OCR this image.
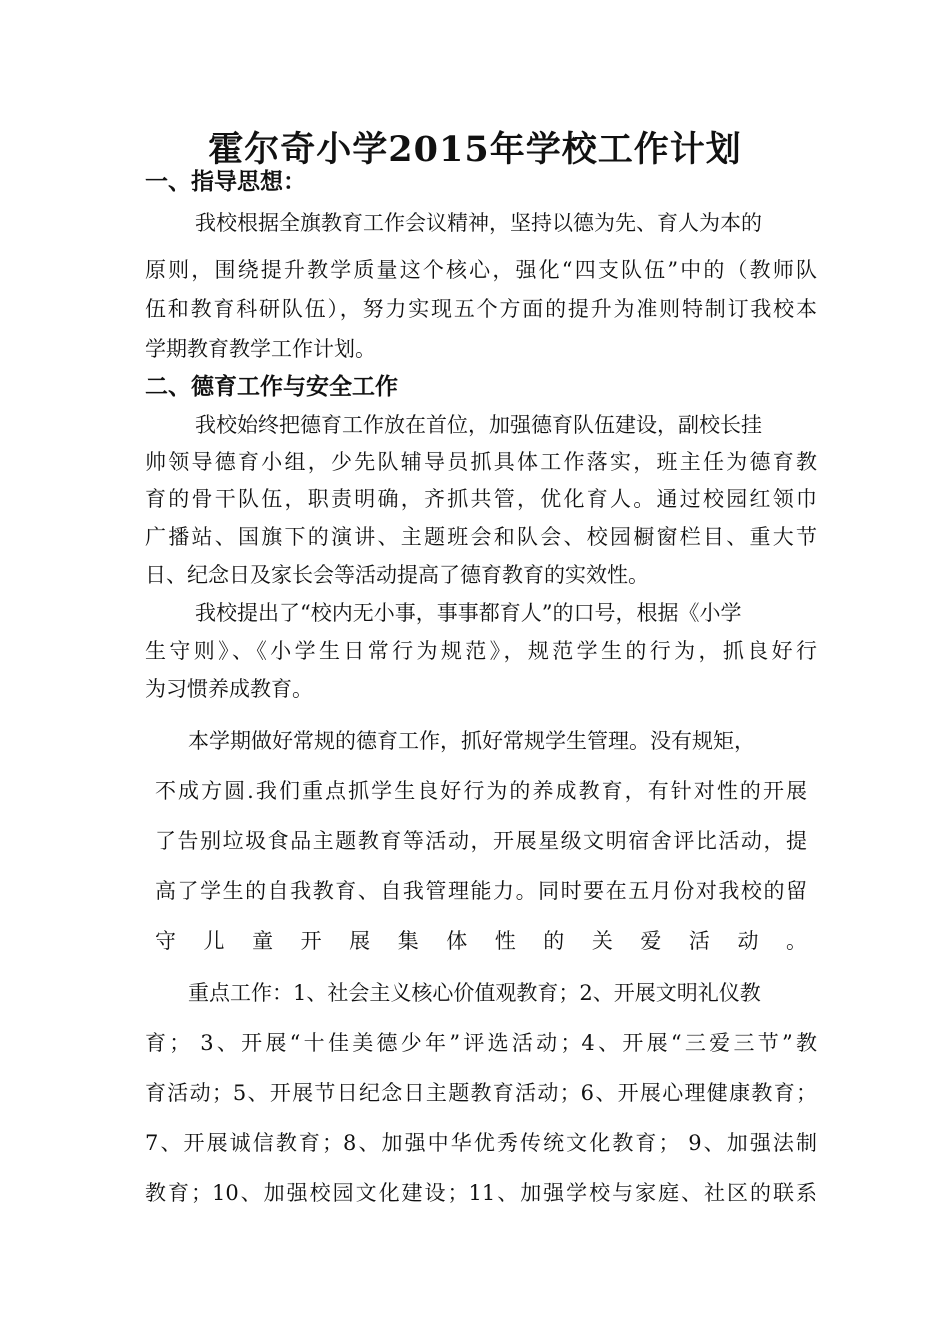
霍尔奇小学2015年学校工作计划
一、指导思想：
我校根据全旗教育工作会议精神，坚持以德为先、育人为本的
原则，围绕提升教学质量这个核心，强化“四支队伍”中的（教师队
伍和教育科研队伍），努力实现五个方面的提升为准则特制订我校本
学期教育教学工作计划。
二、德育工作与安全工作
我校始终把德育工作放在首位，加强德育队伍建设，副校长挂
帅领导德育小组，少先队辅导员抓具体工作落实，班主任为德育教
育的骨干队伍，职责明确，齐抓共管，优化育人。通过校园红领巾
广播站、国旗下的演讲、主题班会和队会、校园橱窗栏目、重大节
日、纪念日及家长会等活动提高了德育教育的实效性。
我校提出了“校内无小事，事事都育人”的口号，根据《小学
生守则》、《小学生日常行为规范》，规范学生的行为，抓良好行
为习惯养成教育。
本学期做好常规的德育工作，抓好常规学生管理。没有规矩，
不成方圆.我们重点抓学生良好行为的养成教育，有针对性的开展
了告别垃圾食品主题教育等活动，开展星级文明宿舍评比活动，提
高了学生的自我教育、自我管理能力。同时要在五月份对我校的留
守儿童开展集体性的关爱活动。
重点工作：1、社会主义核心价值观教育；2、开展文明礼仪教
育； 3、开展“十佳美德少年”评选活动；4、开展“三爱三节”教
育活动；5、开展节日纪念日主题教育活动；6、开展心理健康教育；
7、开展诚信教育；8、加强中华优秀传统文化教育； 9、加强法制
教育；10、加强校园文化建设；11、加强学校与家庭、社区的联系
